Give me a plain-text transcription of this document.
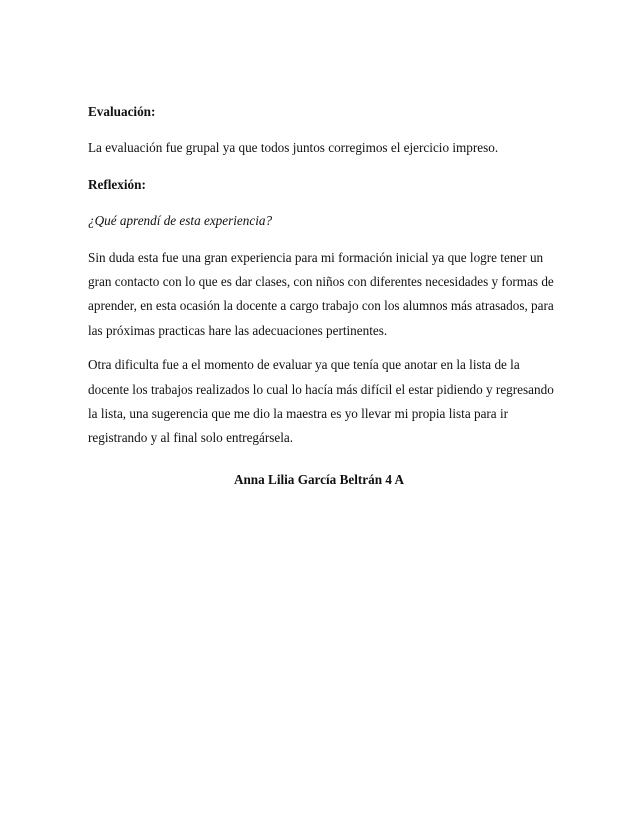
Evaluación:

La evaluación fue grupal ya que todos juntos corregimos el ejercicio impreso.

Reflexión:

¿Qué aprendí de esta experiencia?

Sin duda esta fue una gran experiencia para mi formación inicial ya que logre tener un gran contacto con lo que es dar clases, con niños con diferentes necesidades y formas de aprender, en esta ocasión la docente a cargo trabajo con los alumnos más atrasados, para las próximas practicas hare las adecuaciones pertinentes.

Otra dificulta fue a el momento de evaluar ya que tenía que anotar en la lista de la docente los trabajos realizados lo cual lo hacía más difícil el estar pidiendo y regresando la lista, una sugerencia que me dio la maestra es yo llevar mi propia lista para ir registrando y al final solo entregársela.

Anna Lilia García Beltrán 4 A
